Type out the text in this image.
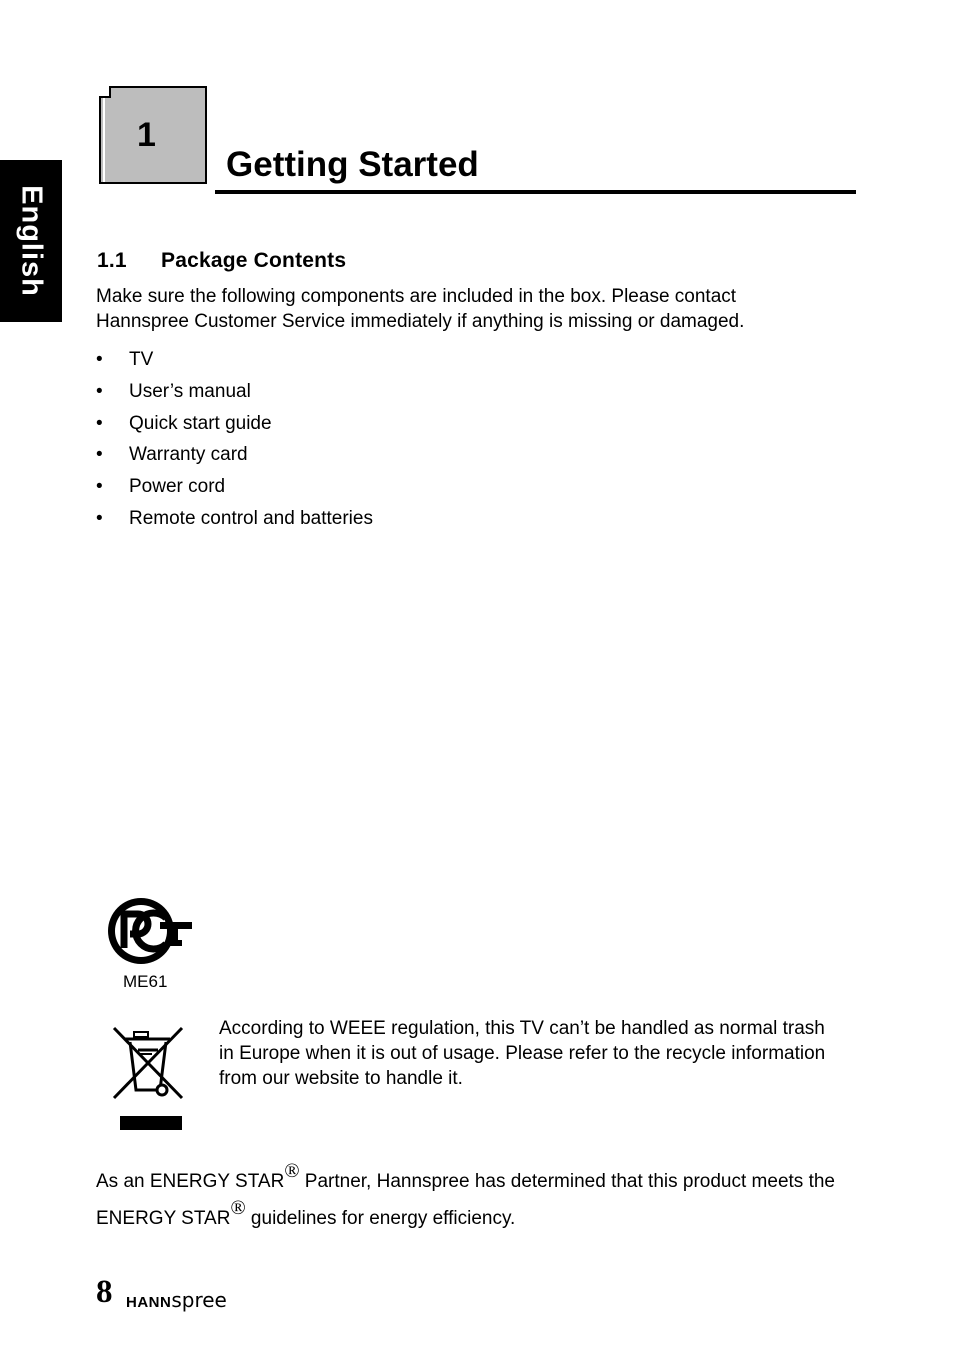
English
1
Getting Started
1.1 Package Contents

Make sure the following components are included in the box. Please contact Hannspree Customer Service immediately if anything is missing or damaged.

• TV
• User’s manual
• Quick start guide
• Warranty card
• Power cord
• Remote control and batteries
ME61

According to WEEE regulation, this TV can’t be handled as normal trash in Europe when it is out of usage. Please refer to the recycle information from our website to handle it.

As an ENERGY STAR® Partner, Hannspree has determined that this product meets the ENERGY STAR® guidelines for energy efficiency.

8 HANNspree
